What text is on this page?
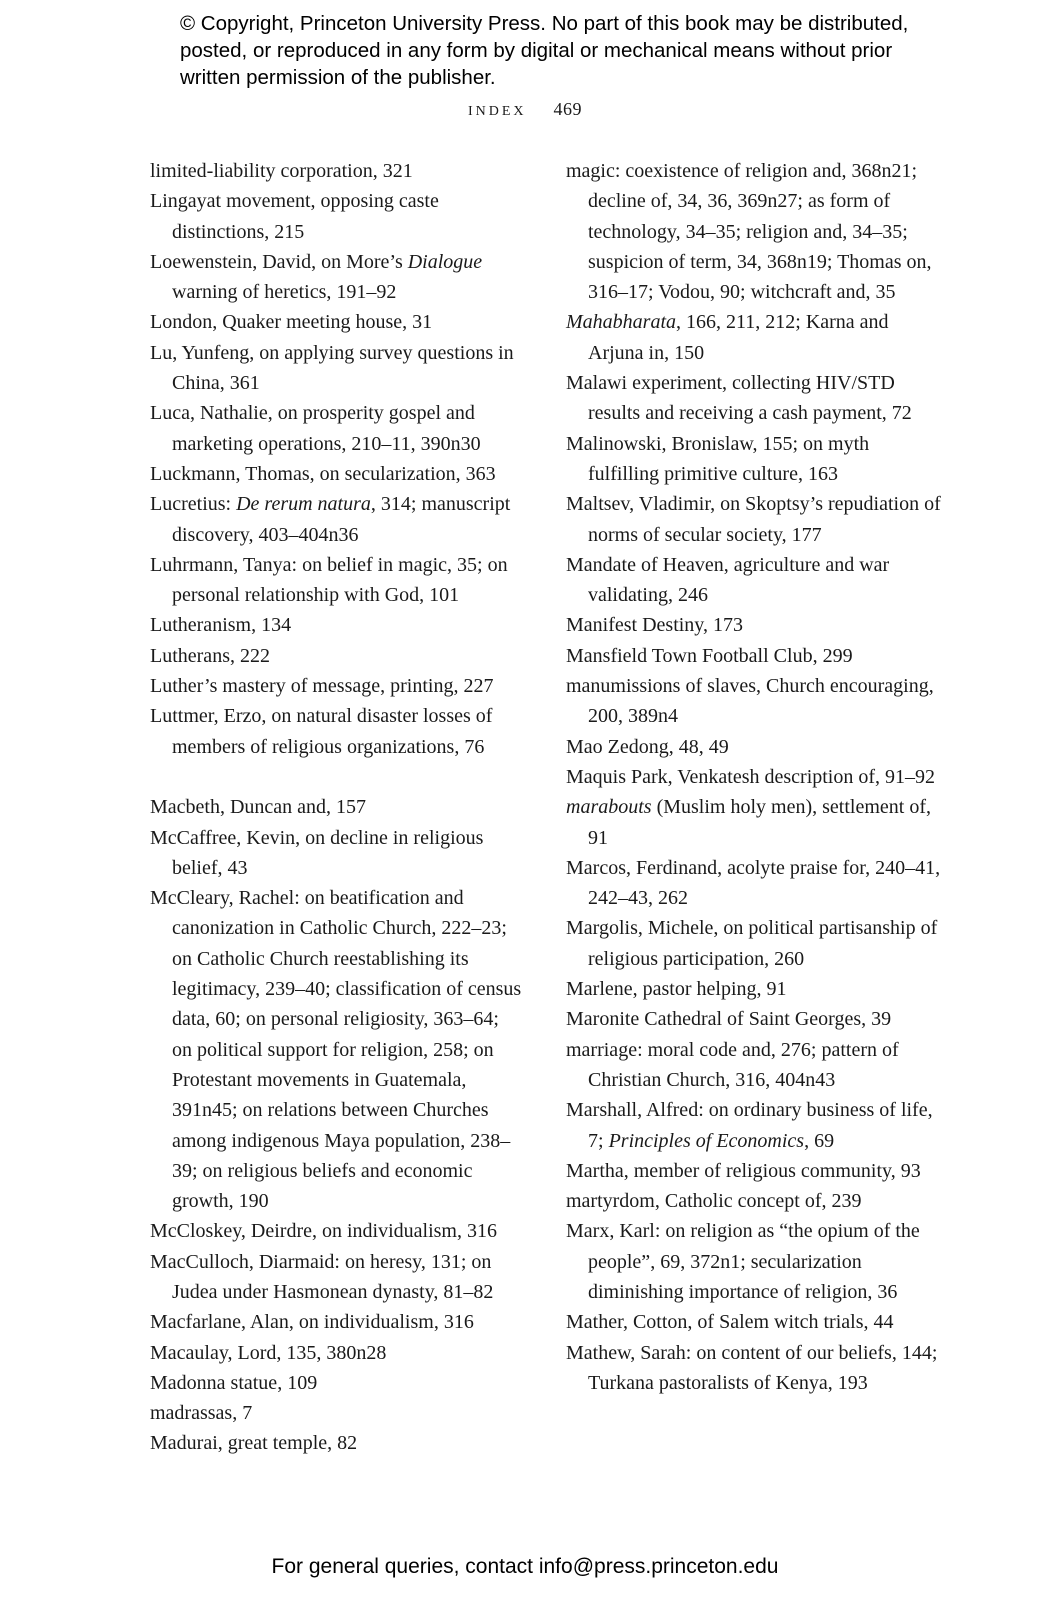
© Copyright, Princeton University Press. No part of this book may be distributed, posted, or reproduced in any form by digital or mechanical means without prior written permission of the publisher.
index 469

limited-liability corporation, 321

Lingayat movement, opposing caste distinctions, 215

Loewenstein, David, on More’s Dialogue warning of heretics, 191–92

London, Quaker meeting house, 31

Lu, Yunfeng, on applying survey questions in China, 361

Luca, Nathalie, on prosperity gospel and marketing operations, 210–11, 390n30

Luckmann, Thomas, on secularization, 363

Lucretius: De rerum natura, 314; manuscript discovery, 403–404n36

Luhrmann, Tanya: on belief in magic, 35; on personal relationship with God, 101

Lutheranism, 134

Lutherans, 222

Luther’s mastery of message, printing, 227

Luttmer, Erzo, on natural disaster losses of members of religious organizations, 76

Macbeth, Duncan and, 157

McCaffree, Kevin, on decline in religious belief, 43

McCleary, Rachel: on beatification and canonization in Catholic Church, 222–23; on Catholic Church reestablishing its legitimacy, 239–40; classification of census data, 60; on personal religiosity, 363–64; on political support for religion, 258; on Protestant movements in Guatemala, 391n45; on relations between Churches among indigenous Maya population, 238–39; on religious beliefs and economic growth, 190

McCloskey, Deirdre, on individualism, 316

MacCulloch, Diarmaid: on heresy, 131; on Judea under Hasmonean dynasty, 81–82

Macfarlane, Alan, on individualism, 316

Macaulay, Lord, 135, 380n28

Madonna statue, 109

madrassas, 7

Madurai, great temple, 82

magic: coexistence of religion and, 368n21; decline of, 34, 36, 369n27; as form of technology, 34–35; religion and, 34–35; suspicion of term, 34, 368n19; Thomas on, 316–17; Vodou, 90; witchcraft and, 35

Mahabharata, 166, 211, 212; Karna and Arjuna in, 150

Malawi experiment, collecting HIV/STD results and receiving a cash payment, 72

Malinowski, Bronislaw, 155; on myth fulfilling primitive culture, 163

Maltsev, Vladimir, on Skoptsy’s repudiation of norms of secular society, 177

Mandate of Heaven, agriculture and war validating, 246

Manifest Destiny, 173

Mansfield Town Football Club, 299

manumissions of slaves, Church encouraging, 200, 389n4

Mao Zedong, 48, 49

Maquis Park, Venkatesh description of, 91–92

marabouts (Muslim holy men), settlement of, 91

Marcos, Ferdinand, acolyte praise for, 240–41, 242–43, 262

Margolis, Michele, on political partisanship of religious participation, 260

Marlene, pastor helping, 91

Maronite Cathedral of Saint Georges, 39

marriage: moral code and, 276; pattern of Christian Church, 316, 404n43

Marshall, Alfred: on ordinary business of life, 7; Principles of Economics, 69

Martha, member of religious community, 93

martyrdom, Catholic concept of, 239

Marx, Karl: on religion as “the opium of the people”, 69, 372n1; secularization diminishing importance of religion, 36

Mather, Cotton, of Salem witch trials, 44

Mathew, Sarah: on content of our beliefs, 144; Turkana pastoralists of Kenya, 193

For general queries, contact info@press.princeton.edu
